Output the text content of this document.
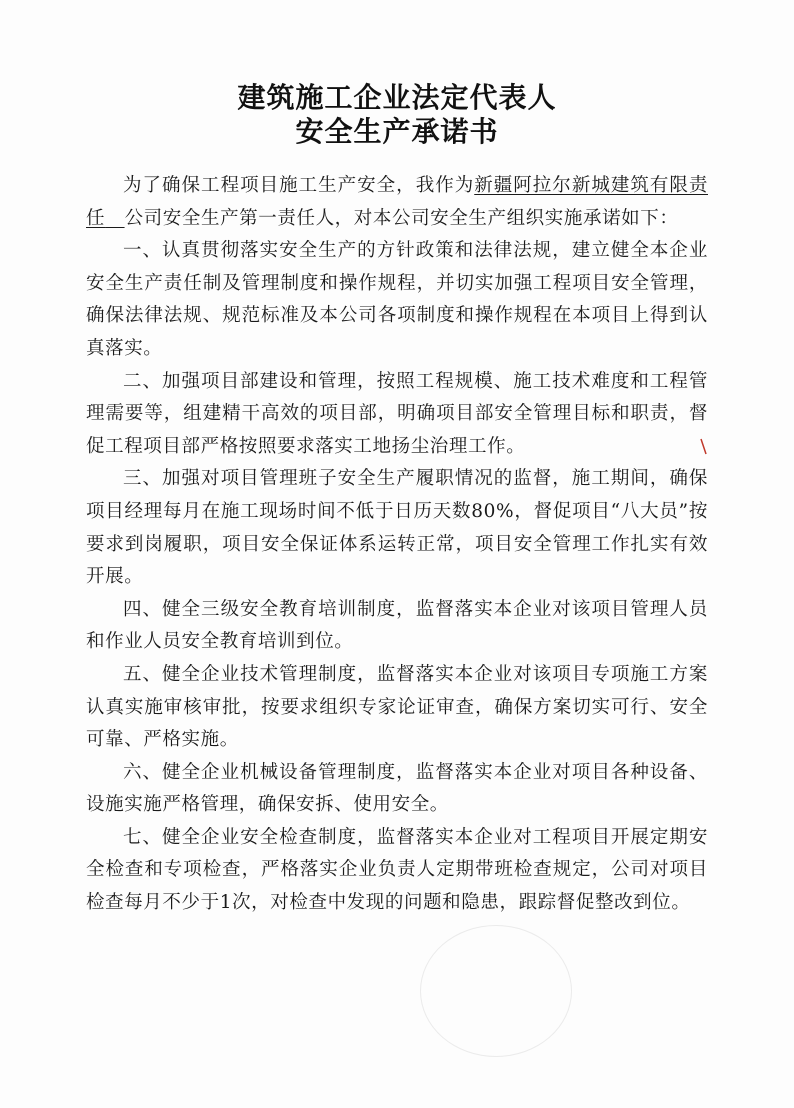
建筑施工企业法定代表人
安全生产承诺书

为了确保工程项目施工生产安全，我作为新疆阿拉尔新城建筑有限责任 公司安全生产第一责任人，对本公司安全生产组织实施承诺如下：

一、认真贯彻落实安全生产的方针政策和法律法规，建立健全本企业安全生产责任制及管理制度和操作规程，并切实加强工程项目安全管理，确保法律法规、规范标准及本公司各项制度和操作规程在本项目上得到认真落实。

二、加强项目部建设和管理，按照工程规模、施工技术难度和工程管理需要等，组建精干高效的项目部，明确项目部安全管理目标和职责，督促工程项目部严格按照要求落实工地扬尘治理工作。

三、加强对项目管理班子安全生产履职情况的监督，施工期间，确保项目经理每月在施工现场时间不低于日历天数80%，督促项目“八大员”按要求到岗履职，项目安全保证体系运转正常，项目安全管理工作扎实有效开展。

四、健全三级安全教育培训制度，监督落实本企业对该项目管理人员和作业人员安全教育培训到位。

五、健全企业技术管理制度，监督落实本企业对该项目专项施工方案认真实施审核审批，按要求组织专家论证审查，确保方案切实可行、安全可靠、严格实施。

六、健全企业机械设备管理制度，监督落实本企业对项目各种设备、设施实施严格管理，确保安拆、使用安全。

七、健全企业安全检查制度，监督落实本企业对工程项目开展定期安全检查和专项检查，严格落实企业负责人定期带班检查规定，公司对项目检查每月不少于1次，对检查中发现的问题和隐患，跟踪督促整改到位。
